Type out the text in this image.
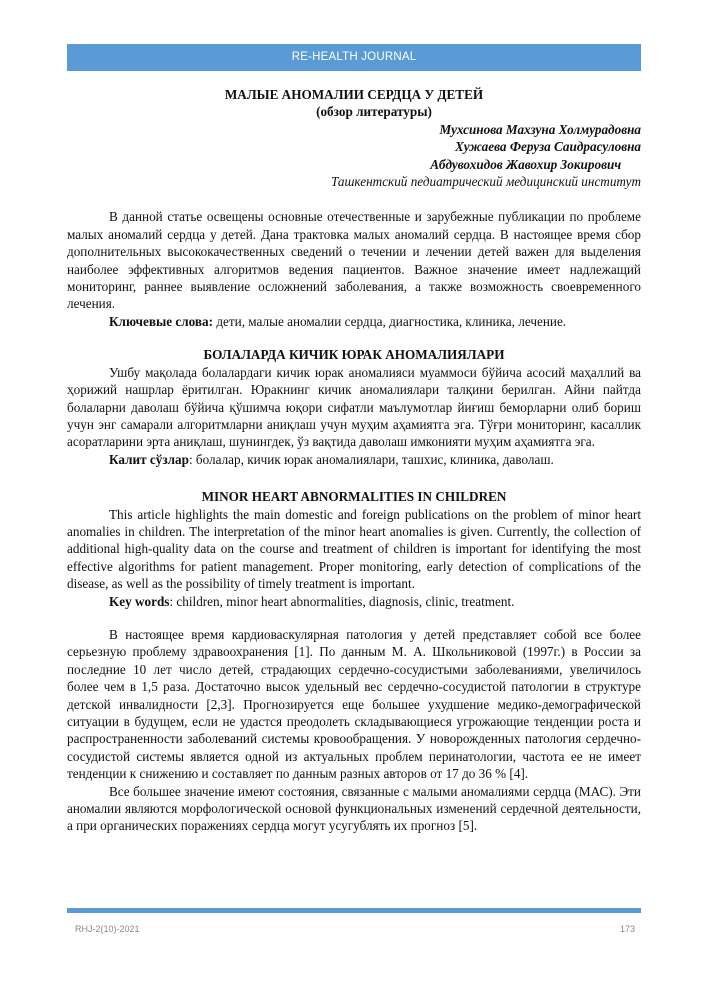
RE-HEALTH JOURNAL

МАЛЫЕ АНОМАЛИИ СЕРДЦА У ДЕТЕЙ

(обзор литературы)

Мухсинова Махзуна Холмурадовна

Хужаева Феруза Саидрасуловна

Абдувохидов Жавохир Зокирович

Ташкентский педиатрический медицинский институт

В данной статье освещены основные отечественные и зарубежные публикации по проблеме малых аномалий сердца у детей. Дана трактовка малых аномалий сердца. В настоящее время сбор дополнительных высококачественных сведений о течении и лечении детей важен для выделения наиболее эффективных алгоритмов ведения пациентов. Важное значение имеет надлежащий мониторинг, раннее выявление осложнений заболевания, а также возможность своевременного лечения.

Ключевые слова: дети, малые аномалии сердца, диагностика, клиника, лечение.

БОЛАЛАРДА КИЧИК ЮРАК АНОМАЛИЯЛАРИ

Ушбу мақолада болалардаги кичик юрак аномалияси муаммоси бўйича асосий маҳаллий ва ҳорижий нашрлар ёритилган. Юракнинг кичик аномалиялари талқини берилган. Айни пайтда болаларни даволаш бўйича қўшимча юқори сифатли маълумотлар йиғиш беморларни олиб бориш учун энг самарали алгоритмларни аниқлаш учун муҳим аҳамиятга эга. Тўғри мониторинг, касаллик асоратларини эрта аниқлаш, шунингдек, ўз вақтида даволаш имконияти муҳим аҳамиятга эга.

Калит сўзлар: болалар, кичик юрак аномалиялари, ташхис, клиника, даволаш.

MINOR HEART ABNORMALITIES IN CHILDREN

This article highlights the main domestic and foreign publications on the problem of minor heart anomalies in children. The interpretation of the minor heart anomalies is given. Currently, the collection of additional high-quality data on the course and treatment of children is important for identifying the most effective algorithms for patient management. Proper monitoring, early detection of complications of the disease, as well as the possibility of timely treatment is important.

Key words: children, minor heart abnormalities, diagnosis, clinic, treatment.

В настоящее время кардиоваскулярная патология у детей представляет собой все более серьезную проблему здравоохранения [1]. По данным М. А. Школьниковой (1997г.) в России за последние 10 лет число детей, страдающих сердечно-сосудистыми заболеваниями, увеличилось более чем в 1,5 раза. Достаточно высок удельный вес сердечно-сосудистой патологии в структуре детской инвалидности [2,3]. Прогнозируется еще большее ухудшение медико-демографической ситуации в будущем, если не удастся преодолеть складывающиеся угрожающие тенденции роста и распространенности заболеваний системы кровообращения. У новорожденных патология сердечно-сосудистой системы является одной из актуальных проблем перинатологии, частота ее не имеет тенденции к снижению и составляет по данным разных авторов от 17 до 36 % [4].

Все большее значение имеют состояния, связанные с малыми аномалиями сердца (МАС). Эти аномалии являются морфологической основой функциональных изменений сердечной деятельности, а при органических поражениях сердца могут усугублять их прогноз [5].

RHJ-2(10)-2021	173
